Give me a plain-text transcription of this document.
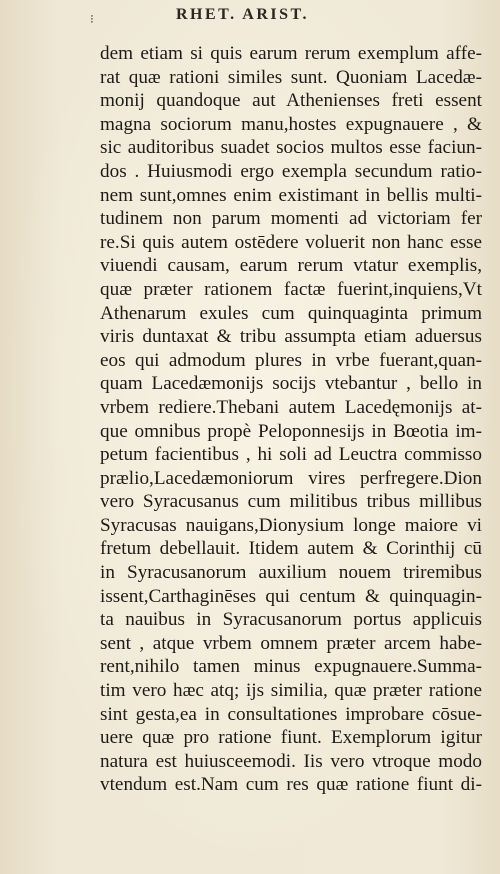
⁝	RHET. ARIST.
dem etiam si quis earum rerum exemplum affe-
rat quæ rationi similes sunt. Quoniam Lacedæ-
monij quandoque aut Athenienses freti essent
magna sociorum manu,hostes expugnauere , &
sic auditoribus suadet socios multos esse faciun-
dos . Huiusmodi ergo exempla secundum ratio-
nem sunt,omnes enim existimant in bellis multi-
tudinem non parum momenti ad victoriam fer
re.Si quis autem ostēdere voluerit non hanc esse
viuendi causam, earum rerum vtatur exemplis,
quæ præter rationem factæ fuerint,inquiens,Vt
Athenarum exules cum quinquaginta primum
viris duntaxat & tribu assumpta etiam aduersus
eos qui admodum plures in vrbe fuerant,quan-
quam Lacedæmonijs socijs vtebantur , bello in
vrbem rediere.Thebani autem Lacedęmonijs at-
que omnibus propè Peloponnesijs in Bœotia im-
petum facientibus , hi soli ad Leuctra commisso
prælio,Lacedæmoniorum vires perfregere.Dion
vero Syracusanus cum militibus tribus millibus
Syracusas nauigans,Dionysium longe maiore vi
fretum debellauit. Itidem autem & Corinthij cū
in Syracusanorum auxilium nouem triremibus
issent,Carthaginēses qui centum & quinquagin-
ta nauibus in Syracusanorum portus applicuis
sent , atque vrbem omnem præter arcem habe-
rent,nihilo tamen minus expugnauere.Summa-
tim vero hæc atq; ijs similia, quæ præter ratione
sint gesta,ea in consultationes improbare cōsue-
uere quæ pro ratione fiunt. Exemplorum igitur
natura est huiusceemodi. Iis vero vtroque modo
vtendum est.Nam cum res quæ ratione fiunt di-
